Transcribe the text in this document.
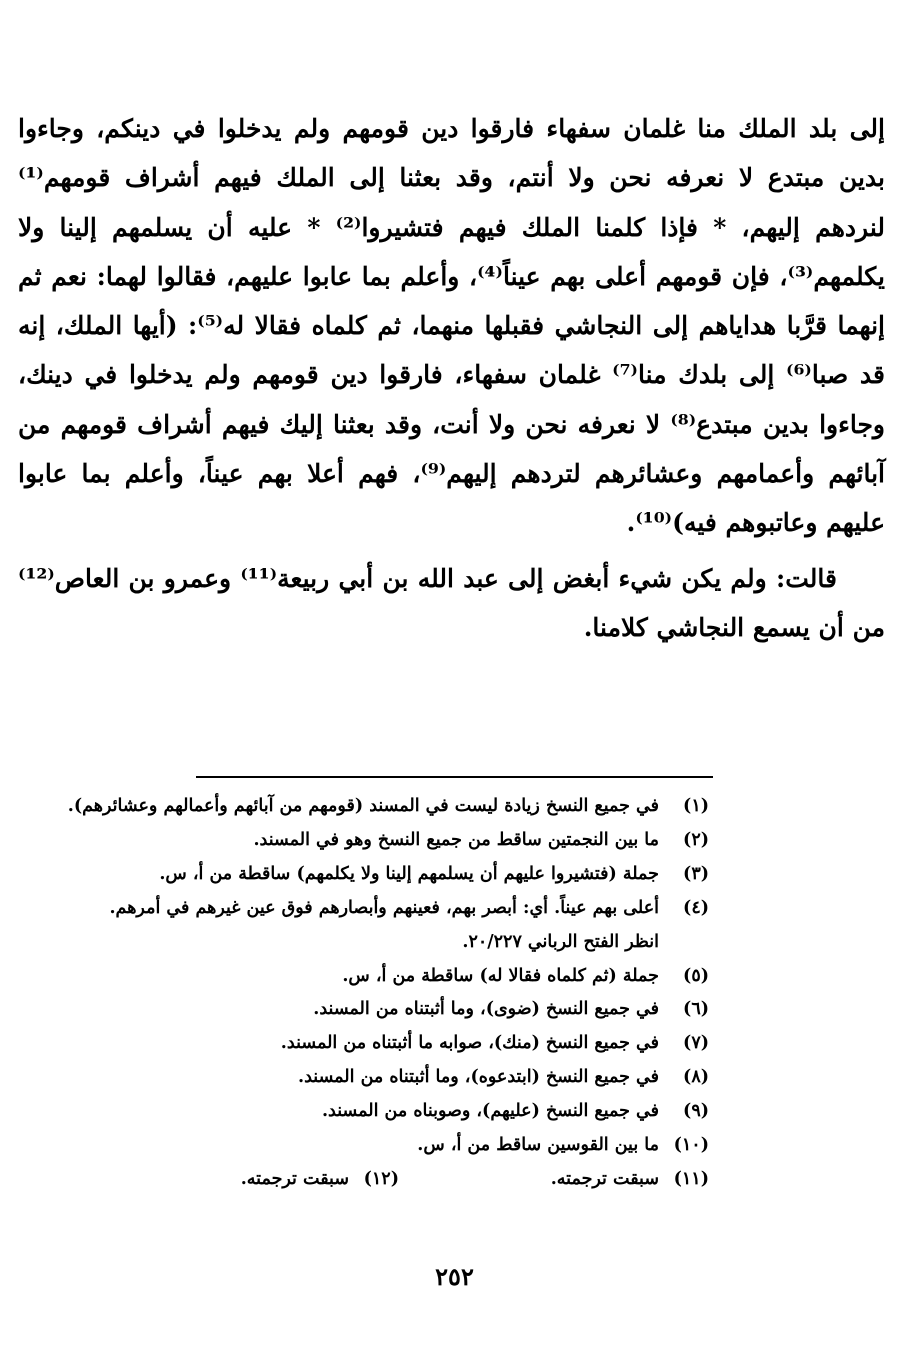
إلى بلد الملك منا غلمان سفهاء فارقوا دين قومهم ولم يدخلوا في دينكم، وجاءوا بدين مبتدع لا نعرفه نحن ولا أنتم، وقد بعثنا إلى الملك فيهم أشراف قومهم⁽¹⁾ لنردهم إليهم، * فإذا كلمنا الملك فيهم فتشيروا⁽²⁾ * عليه أن يسلمهم إلينا ولا يكلمهم⁽³⁾، فإن قومهم أعلى بهم عيناً⁽⁴⁾، وأعلم بما عابوا عليهم، فقالوا لهما: نعم ثم إنهما قرَّبا هداياهم إلى النجاشي فقبلها منهما، ثم كلماه فقالا له⁽⁵⁾: (أيها الملك، إنه قد صبا⁽⁶⁾ إلى بلدك منا⁽⁷⁾ غلمان سفهاء، فارقوا دين قومهم ولم يدخلوا في دينك، وجاءوا بدين مبتدع⁽⁸⁾ لا نعرفه نحن ولا أنت، وقد بعثنا إليك فيهم أشراف قومهم من آبائهم وأعمامهم وعشائرهم لتردهم إليهم⁽⁹⁾، فهم أعلا بهم عيناً، وأعلم بما عابوا عليهم وعاتبوهم فيه)⁽¹⁰⁾.

قالت: ولم يكن شيء أبغض إلى عبد الله بن أبي ربيعة⁽¹¹⁾ وعمرو بن العاص⁽¹²⁾ من أن يسمع النجاشي كلامنا.

(١)
في جميع النسخ زيادة ليست في المسند (قومهم من آبائهم وأعمالهم وعشائرهم).
(٢)
ما بين النجمتين ساقط من جميع النسخ وهو في المسند.
(٣)
جملة (فتشيروا عليهم أن يسلمهم إلينا ولا يكلمهم) ساقطة من أ، س.
(٤)
أعلى بهم عيناً. أي: أبصر بهم، فعينهم وأبصارهم فوق عين غيرهم في أمرهم.
انظر الفتح الرباني ٢٠/٢٢٧.
(٥)
جملة (ثم كلماه فقالا له) ساقطة من أ، س.
(٦)
في جميع النسخ (ضوى)، وما أثبتناه من المسند.
(٧)
في جميع النسخ (منك)، صوابه ما أثبتناه من المسند.
(٨)
في جميع النسخ (ابتدعوه)، وما أثبتناه من المسند.
(٩)
في جميع النسخ (عليهم)، وصوبناه من المسند.
(١٠)
ما بين القوسين ساقط من أ، س.
(١١)
سبقت ترجمته.
(١٢)
سبقت ترجمته.
٢٥٢
